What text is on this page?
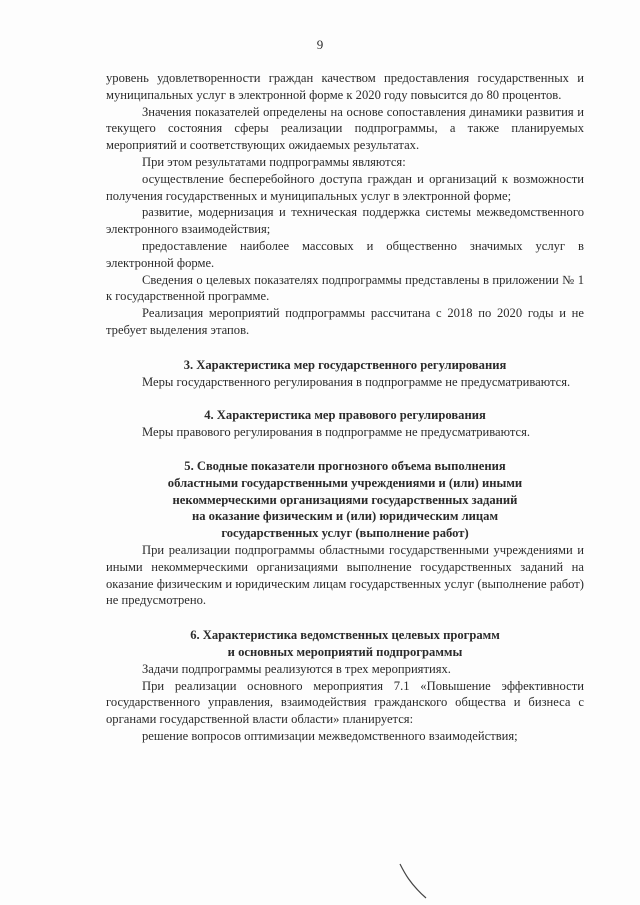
9

уровень удовлетворенности граждан качеством предоставления государственных и муниципальных услуг в электронной форме к 2020 году повысится до 80 процентов.

Значения показателей определены на основе сопоставления динамики развития и текущего состояния сферы реализации подпрограммы, а также планируемых мероприятий и соответствующих ожидаемых результатах.

При этом результатами подпрограммы являются:

осуществление бесперебойного доступа граждан и организаций к возможности получения государственных и муниципальных услуг в электронной форме;

развитие, модернизация и техническая поддержка системы межведомственного электронного взаимодействия;

предоставление наиболее массовых и общественно значимых услуг в электронной форме.

Сведения о целевых показателях подпрограммы представлены в приложении № 1 к государственной программе.

Реализация мероприятий подпрограммы рассчитана с 2018 по 2020 годы и не требует выделения этапов.

3. Характеристика мер государственного регулирования

Меры государственного регулирования в подпрограмме не предусматриваются.

4. Характеристика мер правового регулирования

Меры правового регулирования в подпрограмме не предусматриваются.

5. Сводные показатели прогнозного объема выполнения
областными государственными учреждениями и (или) иными
некоммерческими организациями государственных заданий
на оказание физическим и (или) юридическим лицам
государственных услуг (выполнение работ)

При реализации подпрограммы областными государственными учреждениями и иными некоммерческими организациями выполнение государственных заданий на оказание физическим и юридическим лицам государственных услуг (выполнение работ) не предусмотрено.

6. Характеристика ведомственных целевых программ
и основных мероприятий подпрограммы

Задачи подпрограммы реализуются в трех мероприятиях.

При реализации основного мероприятия 7.1 «Повышение эффективности государственного управления, взаимодействия гражданского общества и бизнеса с органами государственной власти области» планируется:

решение вопросов оптимизации межведомственного взаимодействия;
